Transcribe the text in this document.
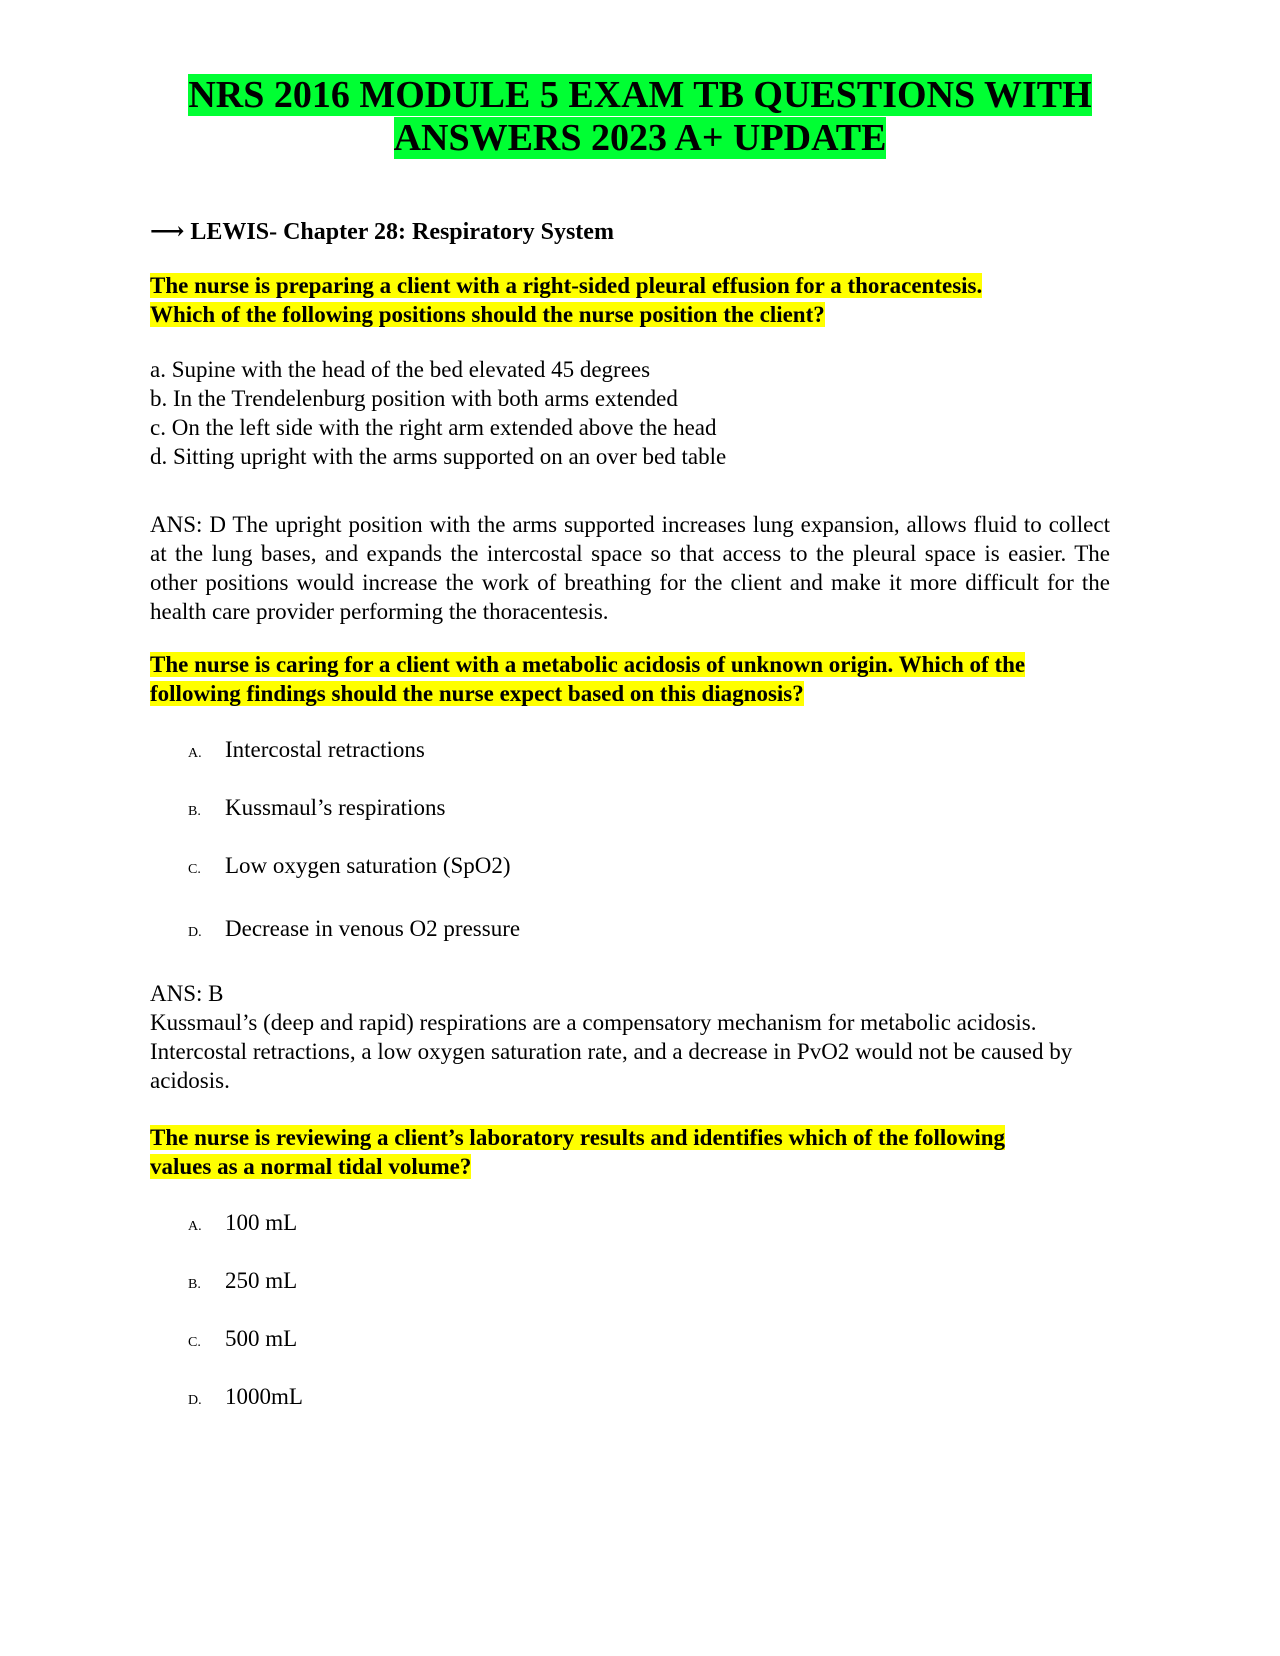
NRS 2016 MODULE 5 EXAM TB QUESTIONS WITH
ANSWERS 2023 A+ UPDATE
⟶ LEWIS- Chapter 28: Respiratory System
The nurse is preparing a client with a right-sided pleural effusion for a thoracentesis.
Which of the following positions should the nurse position the client?
a. Supine with the head of the bed elevated 45 degrees
b. In the Trendelenburg position with both arms extended
c. On the left side with the right arm extended above the head
d. Sitting upright with the arms supported on an over bed table
ANS: D The upright position with the arms supported increases lung expansion, allows fluid to collect at the lung bases, and expands the intercostal space so that access to the pleural space is easier. The other positions would increase the work of breathing for the client and make it more difficult for the health care provider performing the thoracentesis.
The nurse is caring for a client with a metabolic acidosis of unknown origin. Which of the
following findings should the nurse expect based on this diagnosis?
A. Intercostal retractions
B. Kussmaul’s respirations
C. Low oxygen saturation (SpO2)
D. Decrease in venous O2 pressure
ANS: B
Kussmaul’s (deep and rapid) respirations are a compensatory mechanism for metabolic acidosis. Intercostal retractions, a low oxygen saturation rate, and a decrease in PvO2 would not be caused by acidosis.
The nurse is reviewing a client’s laboratory results and identifies which of the following
values as a normal tidal volume?
A. 100 mL
B. 250 mL
C. 500 mL
D. 1000mL
